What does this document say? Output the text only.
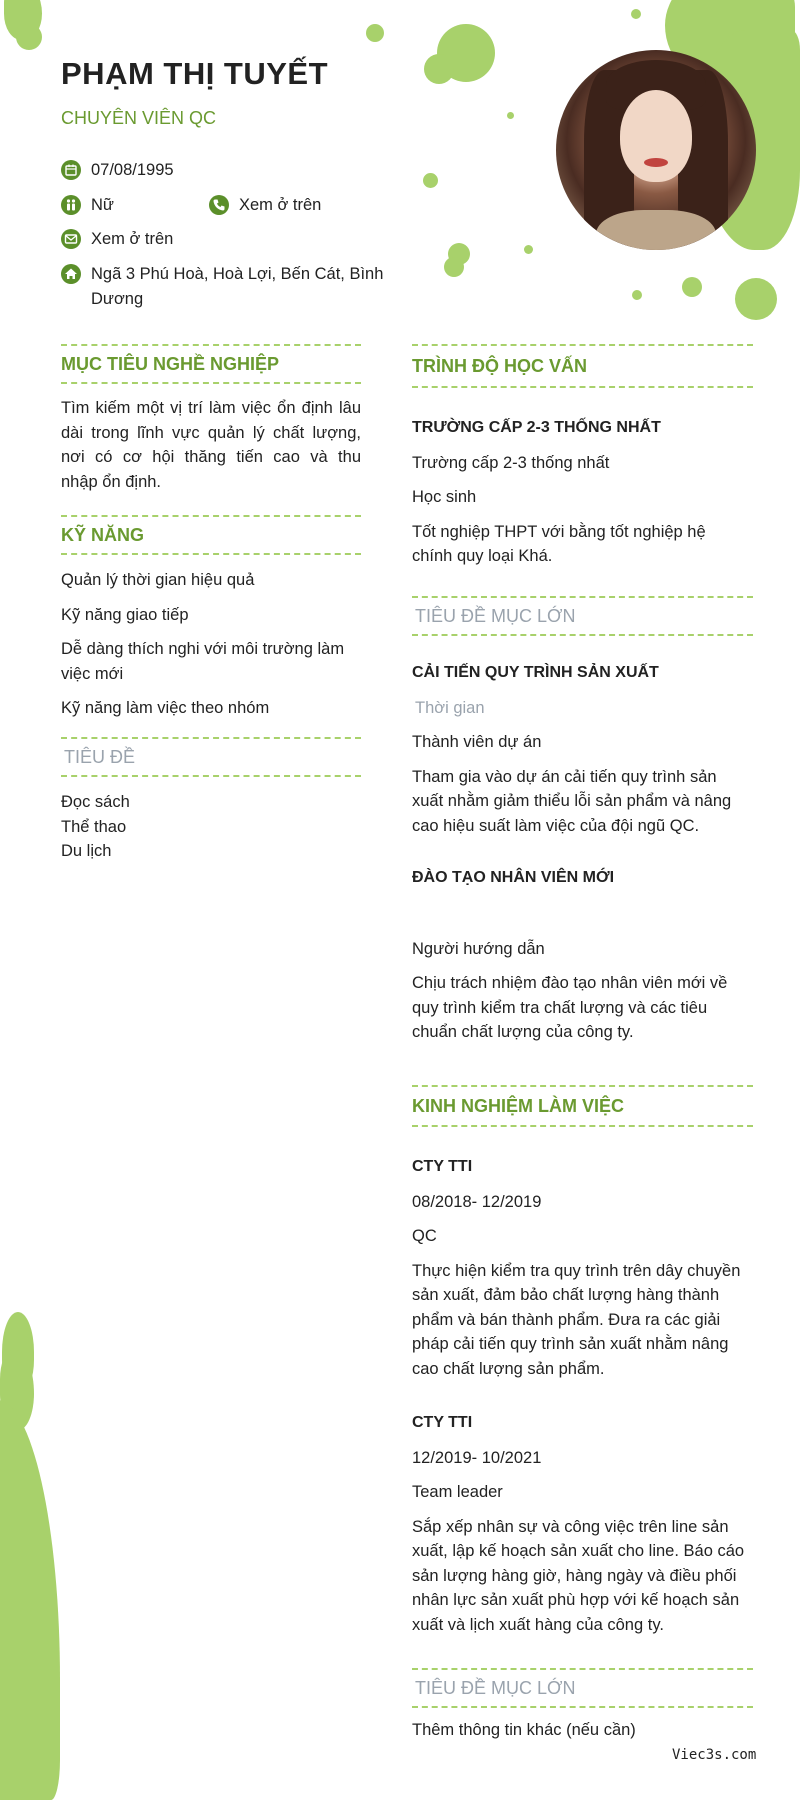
PHẠM THỊ TUYẾT
CHUYÊN VIÊN QC
07/08/1995
Nữ	Xem ở trên
Xem ở trên
Ngã 3 Phú Hoà, Hoà Lợi, Bến Cát, Bình
Dương
MỤC TIÊU NGHỀ NGHIỆP
Tìm kiếm một vị trí làm việc ổn định lâu
dài trong lĩnh vực quản lý chất lượng,
nơi có cơ hội thăng tiến cao và thu
nhập ổn định.
KỸ NĂNG
Quản lý thời gian hiệu quả
Kỹ năng giao tiếp
Dễ dàng thích nghi với môi trường làm
việc mới
Kỹ năng làm việc theo nhóm
TIÊU ĐỀ
Đọc sách
Thể thao
Du lịch
TRÌNH ĐỘ HỌC VẤN
TRƯỜNG CẤP 2-3 THỐNG NHẤT
Trường cấp 2-3 thống nhất
Học sinh
Tốt nghiệp THPT với bằng tốt nghiệp hệ
chính quy loại Khá.
TIÊU ĐỀ MỤC LỚN
CẢI TIẾN QUY TRÌNH SẢN XUẤT
Thời gian
Thành viên dự án
Tham gia vào dự án cải tiến quy trình sản
xuất nhằm giảm thiểu lỗi sản phẩm và nâng
cao hiệu suất làm việc của đội ngũ QC.
ĐÀO TẠO NHÂN VIÊN MỚI
Người hướng dẫn
Chịu trách nhiệm đào tạo nhân viên mới về
quy trình kiểm tra chất lượng và các tiêu
chuẩn chất lượng của công ty.
KINH NGHIỆM LÀM VIỆC
CTY TTI
08/2018- 12/2019
QC
Thực hiện kiểm tra quy trình trên dây chuyền
sản xuất, đảm bảo chất lượng hàng thành
phẩm và bán thành phẩm. Đưa ra các giải
pháp cải tiến quy trình sản xuất nhằm nâng
cao chất lượng sản phẩm.
CTY TTI
12/2019- 10/2021
Team leader
Sắp xếp nhân sự và công việc trên line sản
xuất, lập kế hoạch sản xuất cho line. Báo cáo
sản lượng hàng giờ, hàng ngày và điều phối
nhân lực sản xuất phù hợp với kế hoạch sản
xuất và lịch xuất hàng của công ty.
TIÊU ĐỀ MỤC LỚN
Thêm thông tin khác (nếu cần)
Viec3s.com
